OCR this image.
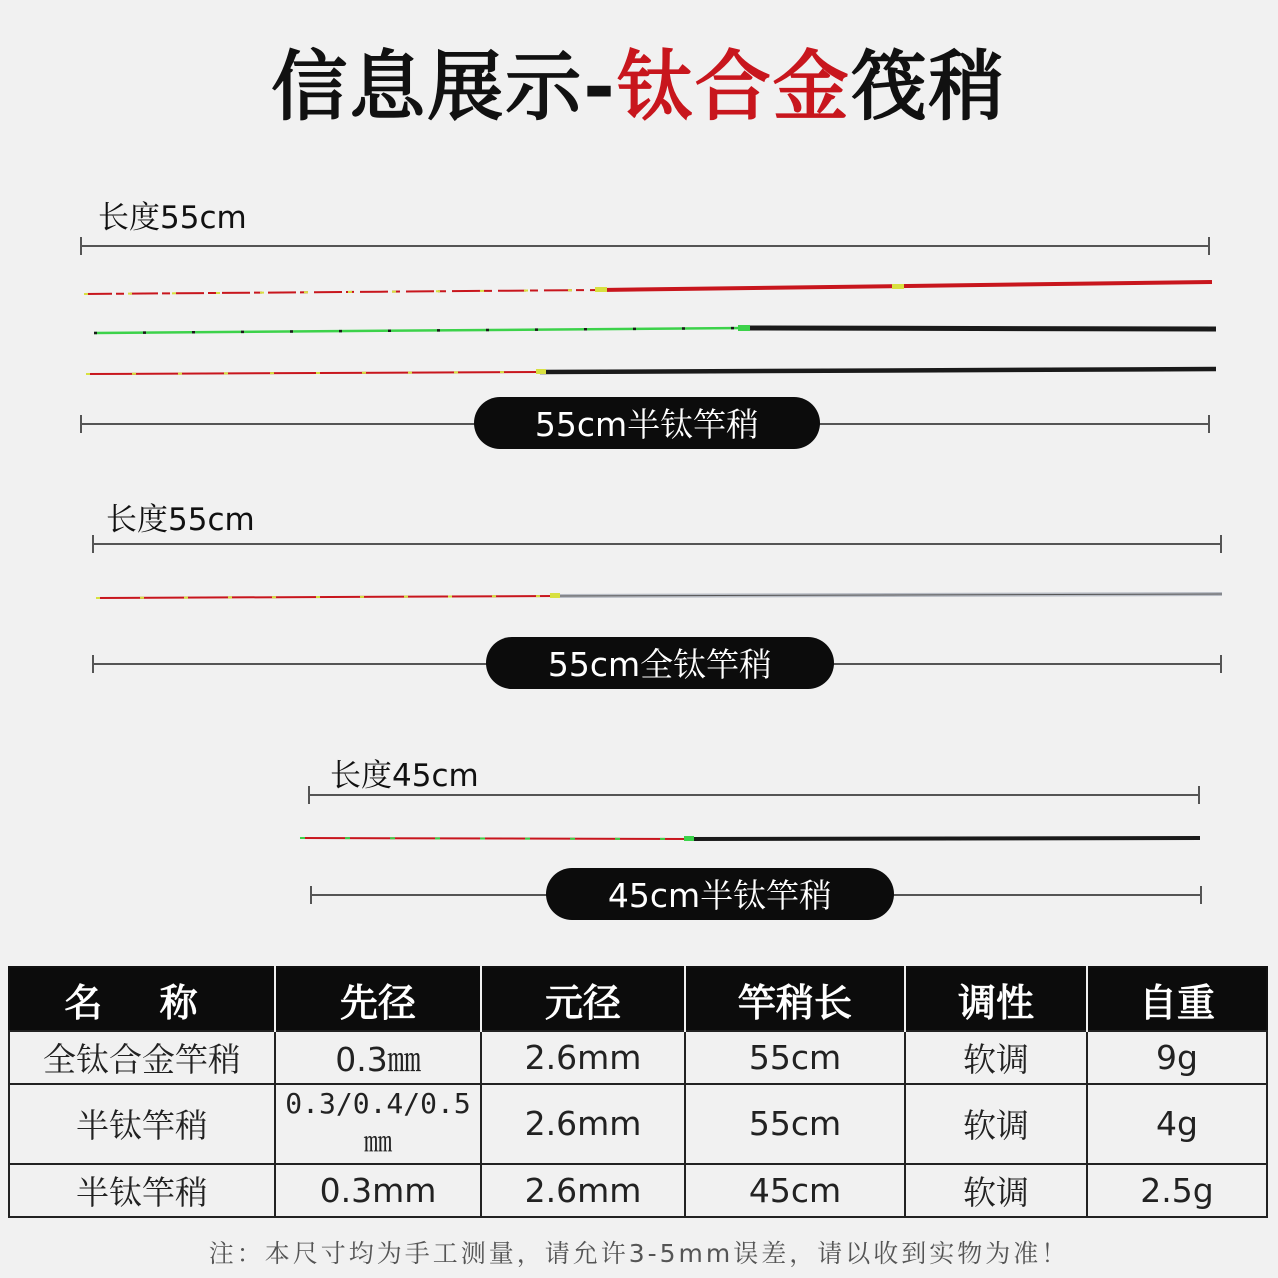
信息展示-钛合金筏稍
长度55cm
55cm半钛竿稍
长度55cm
55cm全钛竿稍
长度45cm
45cm半钛竿稍
名 称	先径	元径	竿稍长	调性	自重
全钛合金竿稍	0.3㎜	2.6mm	55cm	软调	9g
半钛竿稍	0.3/0.4/0.5㎜	2.6mm	55cm	软调	4g
半钛竿稍	0.3mm	2.6mm	45cm	软调	2.5g
注：本尺寸均为手工测量，请允许3-5mm误差，请以收到实物为准！
